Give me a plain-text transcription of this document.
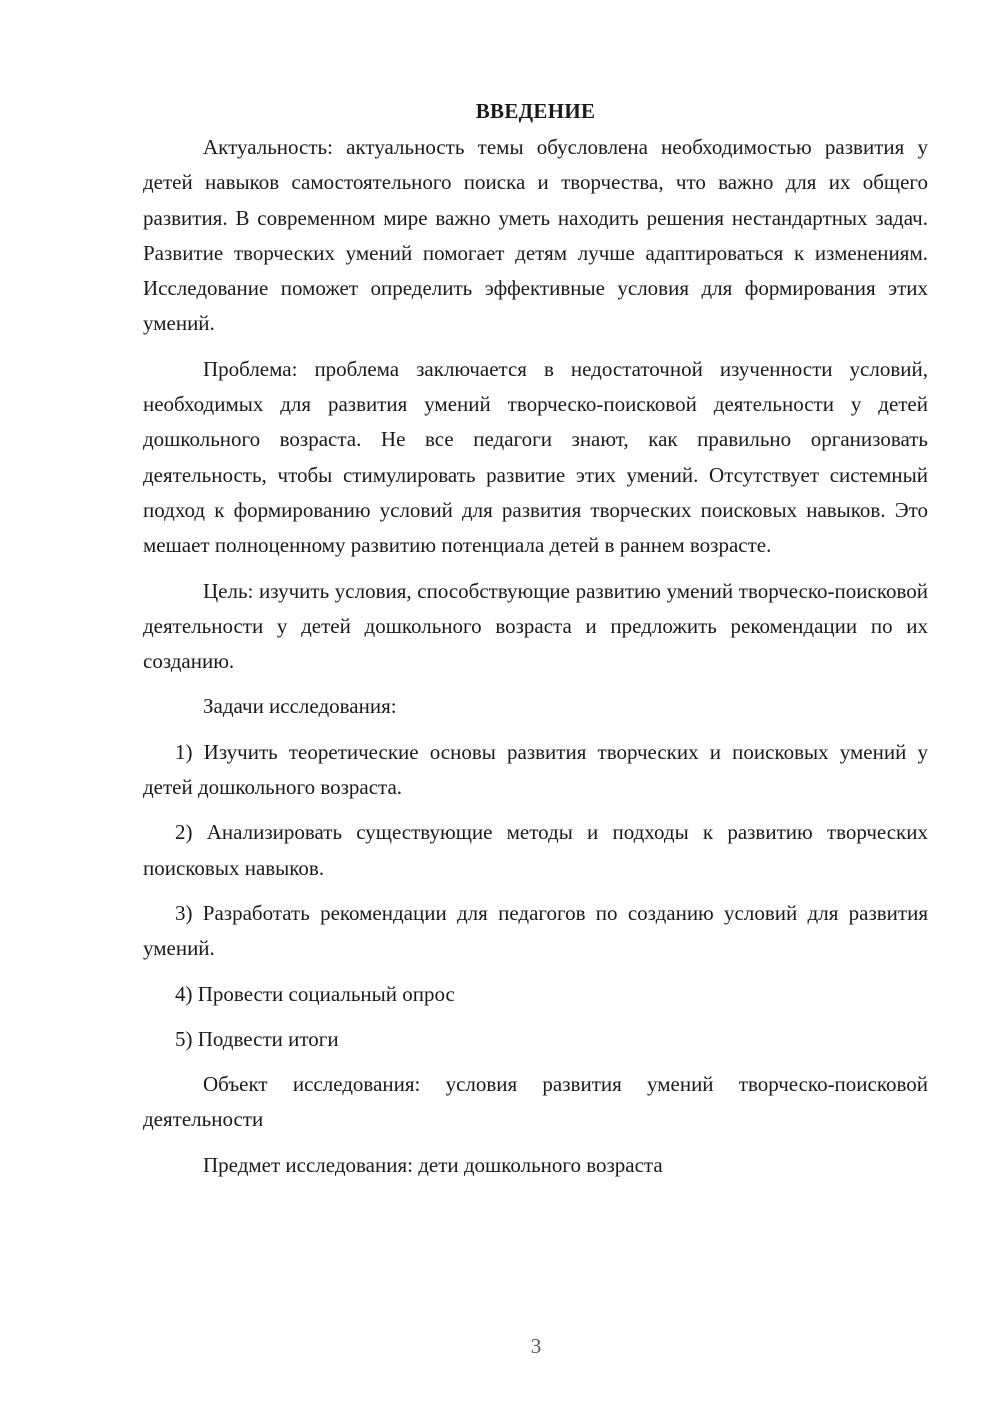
ВВЕДЕНИЕ

Актуальность: актуальность темы обусловлена необходимостью развития у детей навыков самостоятельного поиска и творчества, что важно для их общего развития. В современном мире важно уметь находить решения нестандартных задач. Развитие творческих умений помогает детям лучше адаптироваться к изменениям. Исследование поможет определить эффективные условия для формирования этих умений.

Проблема: проблема заключается в недостаточной изученности условий, необходимых для развития умений творческо-поисковой деятельности у детей дошкольного возраста. Не все педагоги знают, как правильно организовать деятельность, чтобы стимулировать развитие этих умений. Отсутствует системный подход к формированию условий для развития творческих поисковых навыков. Это мешает полноценному развитию потенциала детей в раннем возрасте.

Цель: изучить условия, способствующие развитию умений творческо-поисковой деятельности у детей дошкольного возраста и предложить рекомендации по их созданию.

Задачи исследования:

1) Изучить теоретические основы развития творческих и поисковых умений у детей дошкольного возраста.

2) Анализировать существующие методы и подходы к развитию творческих поисковых навыков.

3) Разработать рекомендации для педагогов по созданию условий для развития умений.

4) Провести социальный опрос

5) Подвести итоги

Объект исследования: условия развития умений творческо-поисковой деятельности

Предмет исследования: дети дошкольного возраста

3
